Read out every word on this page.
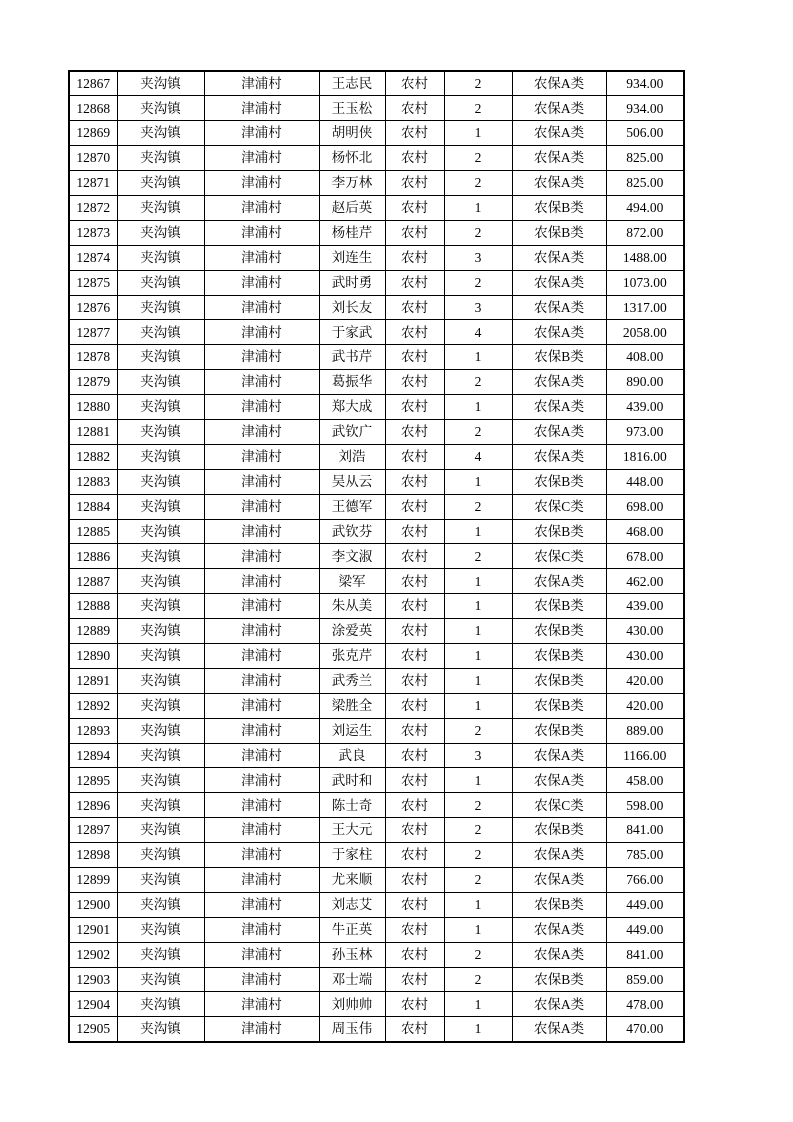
12867	夹沟镇	津浦村	王志民	农村	2	农保A类	934.00
12868	夹沟镇	津浦村	王玉松	农村	2	农保A类	934.00
12869	夹沟镇	津浦村	胡明侠	农村	1	农保A类	506.00
12870	夹沟镇	津浦村	杨怀北	农村	2	农保A类	825.00
12871	夹沟镇	津浦村	李万林	农村	2	农保A类	825.00
12872	夹沟镇	津浦村	赵后英	农村	1	农保B类	494.00
12873	夹沟镇	津浦村	杨桂芹	农村	2	农保B类	872.00
12874	夹沟镇	津浦村	刘连生	农村	3	农保A类	1488.00
12875	夹沟镇	津浦村	武时勇	农村	2	农保A类	1073.00
12876	夹沟镇	津浦村	刘长友	农村	3	农保A类	1317.00
12877	夹沟镇	津浦村	于家武	农村	4	农保A类	2058.00
12878	夹沟镇	津浦村	武书芹	农村	1	农保B类	408.00
12879	夹沟镇	津浦村	葛振华	农村	2	农保A类	890.00
12880	夹沟镇	津浦村	郑大成	农村	1	农保A类	439.00
12881	夹沟镇	津浦村	武钦广	农村	2	农保A类	973.00
12882	夹沟镇	津浦村	刘浩	农村	4	农保A类	1816.00
12883	夹沟镇	津浦村	吴从云	农村	1	农保B类	448.00
12884	夹沟镇	津浦村	王德军	农村	2	农保C类	698.00
12885	夹沟镇	津浦村	武钦芬	农村	1	农保B类	468.00
12886	夹沟镇	津浦村	李文淑	农村	2	农保C类	678.00
12887	夹沟镇	津浦村	梁军	农村	1	农保A类	462.00
12888	夹沟镇	津浦村	朱从美	农村	1	农保B类	439.00
12889	夹沟镇	津浦村	涂爱英	农村	1	农保B类	430.00
12890	夹沟镇	津浦村	张克芹	农村	1	农保B类	430.00
12891	夹沟镇	津浦村	武秀兰	农村	1	农保B类	420.00
12892	夹沟镇	津浦村	梁胜全	农村	1	农保B类	420.00
12893	夹沟镇	津浦村	刘运生	农村	2	农保B类	889.00
12894	夹沟镇	津浦村	武良	农村	3	农保A类	1166.00
12895	夹沟镇	津浦村	武时和	农村	1	农保A类	458.00
12896	夹沟镇	津浦村	陈士奇	农村	2	农保C类	598.00
12897	夹沟镇	津浦村	王大元	农村	2	农保B类	841.00
12898	夹沟镇	津浦村	于家柱	农村	2	农保A类	785.00
12899	夹沟镇	津浦村	尤来顺	农村	2	农保A类	766.00
12900	夹沟镇	津浦村	刘志艾	农村	1	农保B类	449.00
12901	夹沟镇	津浦村	牛正英	农村	1	农保A类	449.00
12902	夹沟镇	津浦村	孙玉林	农村	2	农保A类	841.00
12903	夹沟镇	津浦村	邓士端	农村	2	农保B类	859.00
12904	夹沟镇	津浦村	刘帅帅	农村	1	农保A类	478.00
12905	夹沟镇	津浦村	周玉伟	农村	1	农保A类	470.00
